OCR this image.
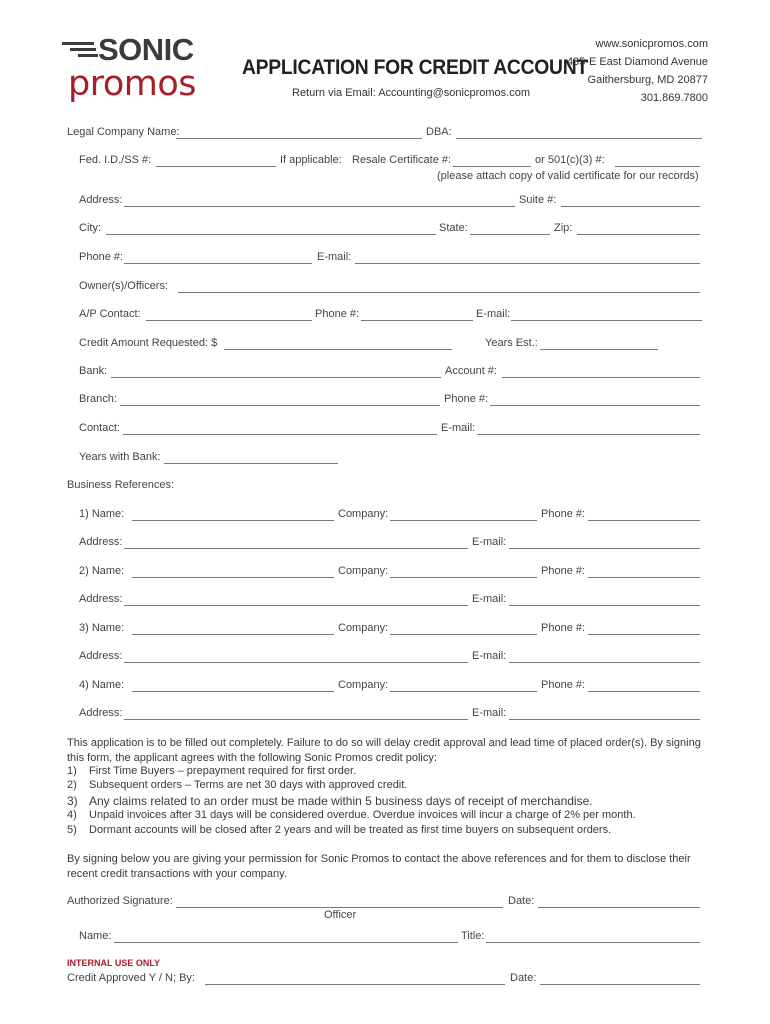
SONIC
promos APPLICATION FOR CREDIT ACCOUNT
Return via Email: Accounting@sonicpromos.com
www.sonicpromos.com
435-E East Diamond Avenue
Gaithersburg, MD 20877
301.869.7800
Legal Company Name:	DBA:
Fed. I.D./SS #:	If applicable: Resale Certificate #:	or 501(c)(3) #:
(please attach copy of valid certificate for our records)
Address:	Suite #:
City:	State:	Zip:
Phone #:	E-mail:
Owner(s)/Officers:
A/P Contact:	Phone #:	E-mail:
Credit Amount Requested: $	Years Est.:
Bank:	Account #:
Branch:	Phone #:
Contact:	E-mail:
Years with Bank:
Business References:
1) Name:	Company:	Phone #:
Address:	E-mail:
2) Name:	Company:	Phone #:
Address:	E-mail:
3) Name:	Company:	Phone #:
Address:	E-mail:
4) Name:	Company:	Phone #:
Address:	E-mail:
This application is to be filled out completely. Failure to do so will delay credit approval and lead time of placed order(s). By signing this form, the applicant agrees with the following Sonic Promos credit policy:
1) First Time Buyers – prepayment required for first order.
2) Subsequent orders – Terms are net 30 days with approved credit.
3) Any claims related to an order must be made within 5 business days of receipt of merchandise.
4) Unpaid invoices after 31 days will be considered overdue. Overdue invoices will incur a charge of 2% per month.
5) Dormant accounts will be closed after 2 years and will be treated as first time buyers on subsequent orders.
By signing below you are giving your permission for Sonic Promos to contact the above references and for them to disclose their recent credit transactions with your company.
Authorized Signature:	Date:
Officer
Name:	Title:
INTERNAL USE ONLY
Credit Approved Y / N; By:	Date:
